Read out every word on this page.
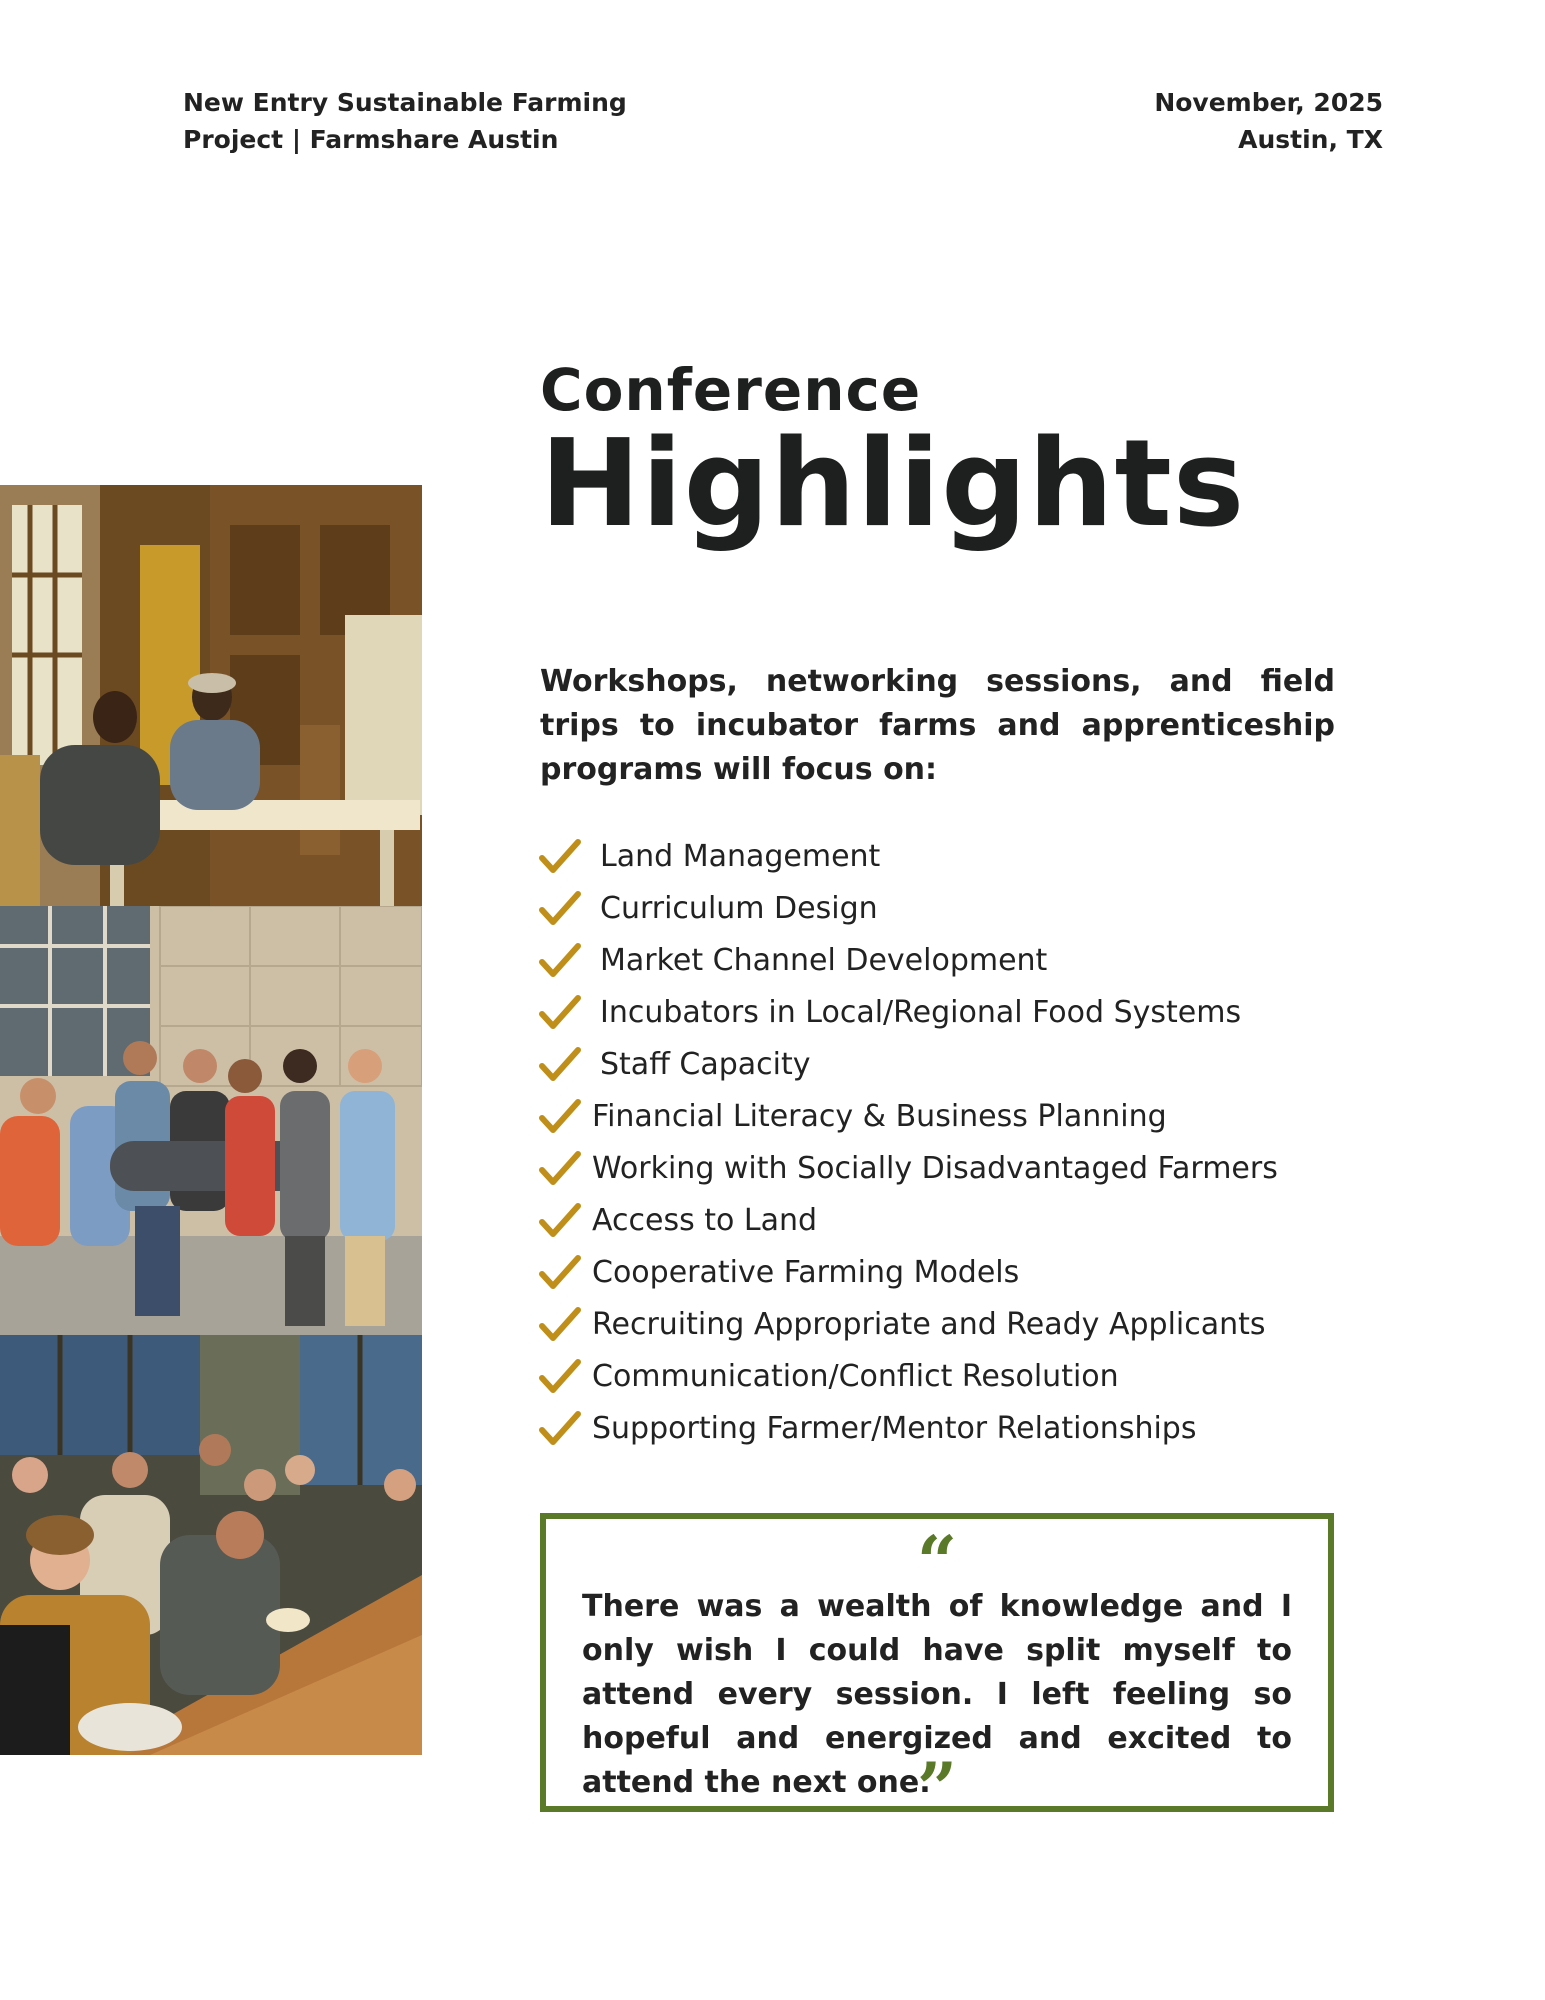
New Entry Sustainable Farming
Project | Farmshare Austin
November, 2025
Austin, TX
Conference
Highlights
Workshops, networking sessions, and field trips to incubator farms and apprenticeship programs will focus on:
Land Management
Curriculum Design
Market Channel Development
Incubators in Local/Regional Food Systems
Staff Capacity
Financial Literacy & Business Planning
Working with Socially Disadvantaged Farmers
Access to Land
Cooperative Farming Models
Recruiting Appropriate and Ready Applicants
Communication/Conflict Resolution
Supporting Farmer/Mentor Relationships
“
There was a wealth of knowledge and I only wish I could have split myself to attend every session. I left feeling so hopeful and energized and excited to attend the next one.
”
